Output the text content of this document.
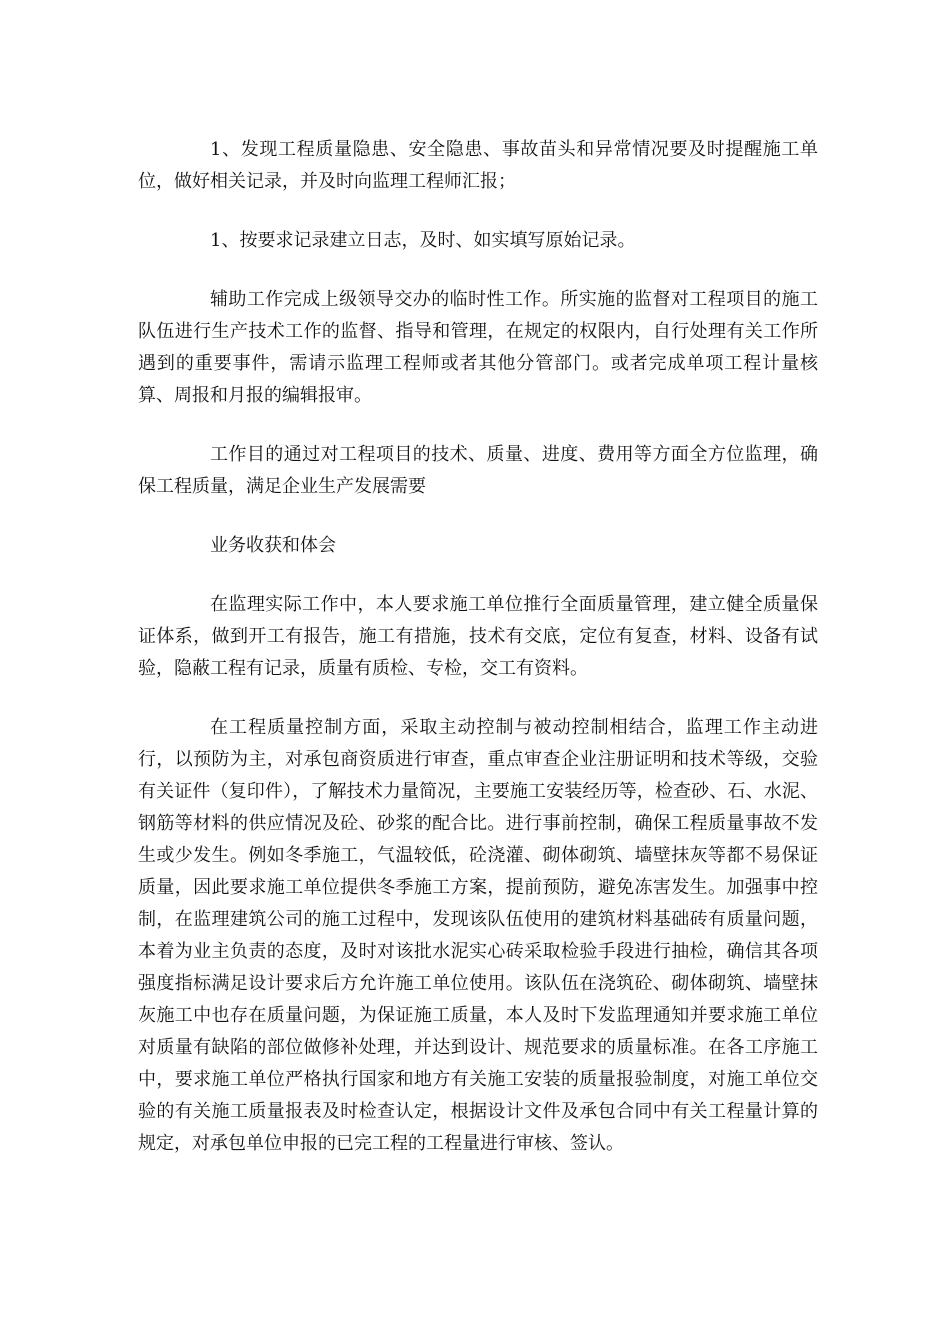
1、发现工程质量隐患、安全隐患、事故苗头和异常情况要及时提醒施工单位，做好相关记录，并及时向监理工程师汇报；

1、按要求记录建立日志，及时、如实填写原始记录。

辅助工作完成上级领导交办的临时性工作。所实施的监督对工程项目的施工队伍进行生产技术工作的监督、指导和管理，在规定的权限内，自行处理有关工作所遇到的重要事件，需请示监理工程师或者其他分管部门。或者完成单项工程计量核算、周报和月报的编辑报审。

工作目的通过对工程项目的技术、质量、进度、费用等方面全方位监理，确保工程质量，满足企业生产发展需要

业务收获和体会

在监理实际工作中，本人要求施工单位推行全面质量管理，建立健全质量保证体系，做到开工有报告，施工有措施，技术有交底，定位有复查，材料、设备有试验，隐蔽工程有记录，质量有质检、专检，交工有资料。

在工程质量控制方面，采取主动控制与被动控制相结合，监理工作主动进行，以预防为主，对承包商资质进行审查，重点审查企业注册证明和技术等级，交验有关证件（复印件），了解技术力量简况，主要施工安装经历等，检查砂、石、水泥、钢筋等材料的供应情况及砼、砂浆的配合比。进行事前控制，确保工程质量事故不发生或少发生。例如冬季施工，气温较低，砼浇灌、砌体砌筑、墙壁抹灰等都不易保证质量，因此要求施工单位提供冬季施工方案，提前预防，避免冻害发生。加强事中控制，在监理建筑公司的施工过程中，发现该队伍使用的建筑材料基础砖有质量问题，本着为业主负责的态度，及时对该批水泥实心砖采取检验手段进行抽检，确信其各项强度指标满足设计要求后方允许施工单位使用。该队伍在浇筑砼、砌体砌筑、墙壁抹灰施工中也存在质量问题，为保证施工质量，本人及时下发监理通知并要求施工单位对质量有缺陷的部位做修补处理，并达到设计、规范要求的质量标准。在各工序施工中，要求施工单位严格执行国家和地方有关施工安装的质量报验制度，对施工单位交验的有关施工质量报表及时检查认定，根据设计文件及承包合同中有关工程量计算的规定，对承包单位申报的已完工程的工程量进行审核、签认。
